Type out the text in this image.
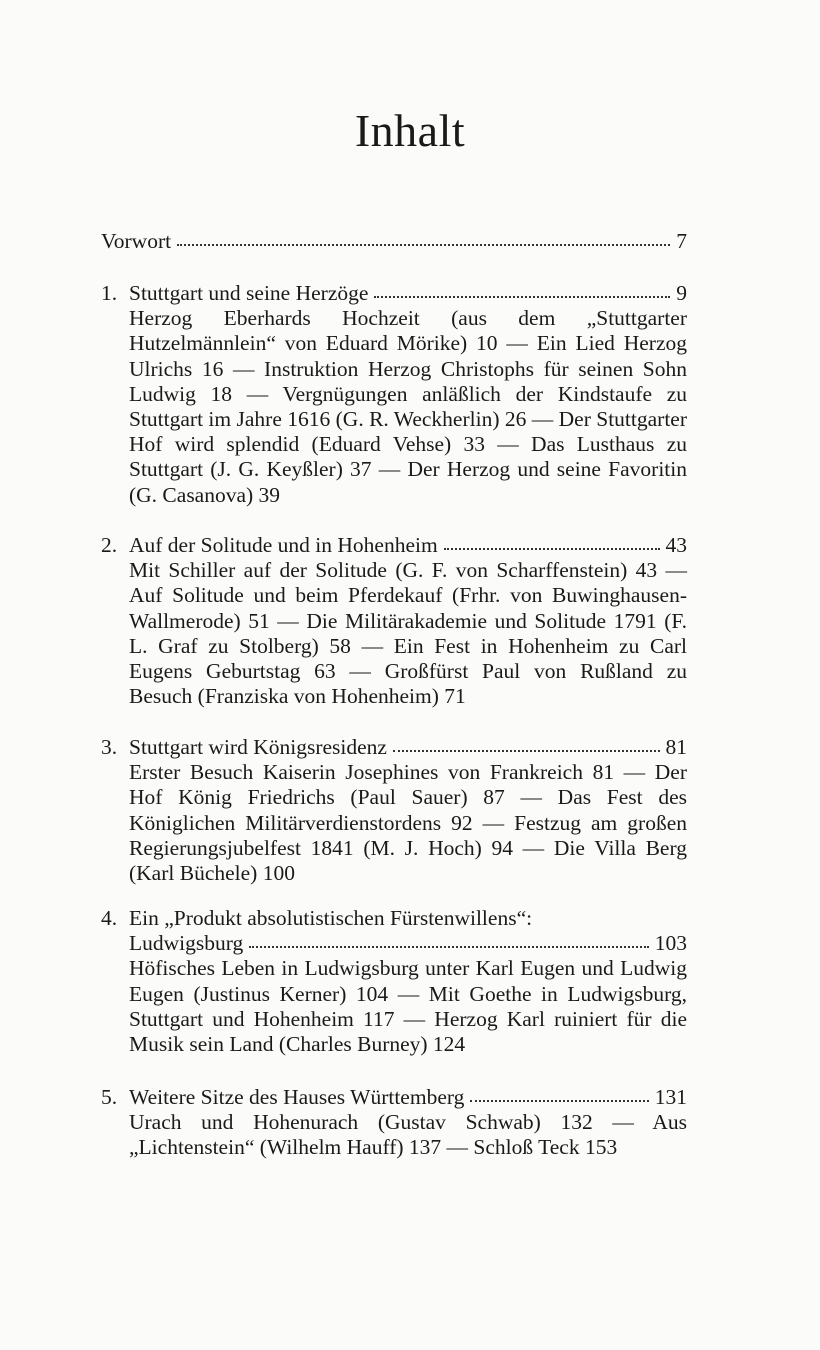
Inhalt
Vorwort	7
1. Stuttgart und seine Herzöge	9
Herzog Eberhards Hochzeit (aus dem „Stuttgarter Hutzelmännlein“ von Eduard Mörike) 10 — Ein Lied Herzog Ulrichs 16 — Instruktion Herzog Christophs für seinen Sohn Ludwig 18 — Vergnügungen anläßlich der Kindstaufe zu Stuttgart im Jahre 1616 (G. R. Weckherlin) 26 — Der Stuttgarter Hof wird splendid (Eduard Vehse) 33 — Das Lusthaus zu Stuttgart (J. G. Keyßler) 37 — Der Herzog und seine Favoritin (G. Casanova) 39
2. Auf der Solitude und in Hohenheim	43
Mit Schiller auf der Solitude (G. F. von Scharffenstein) 43 — Auf Solitude und beim Pferdekauf (Frhr. von Buwinghausen-Wallmerode) 51 — Die Militärakademie und Solitude 1791 (F. L. Graf zu Stolberg) 58 — Ein Fest in Hohenheim zu Carl Eugens Geburtstag 63 — Großfürst Paul von Rußland zu Besuch (Franziska von Hohenheim) 71
3. Stuttgart wird Königsresidenz	81
Erster Besuch Kaiserin Josephines von Frankreich 81 — Der Hof König Friedrichs (Paul Sauer) 87 — Das Fest des Königlichen Militärverdienstordens 92 — Festzug am großen Regierungsjubelfest 1841 (M. J. Hoch) 94 — Die Villa Berg (Karl Büchele) 100
4. Ein „Produkt absolutistischen Fürstenwillens“:
Ludwigsburg	103
Höfisches Leben in Ludwigsburg unter Karl Eugen und Ludwig Eugen (Justinus Kerner) 104 — Mit Goethe in Ludwigsburg, Stuttgart und Hohenheim 117 — Herzog Karl ruiniert für die Musik sein Land (Charles Burney) 124
5. Weitere Sitze des Hauses Württemberg	131
Urach und Hohenurach (Gustav Schwab) 132 — Aus „Lichtenstein“ (Wilhelm Hauff) 137 — Schloß Teck 153
